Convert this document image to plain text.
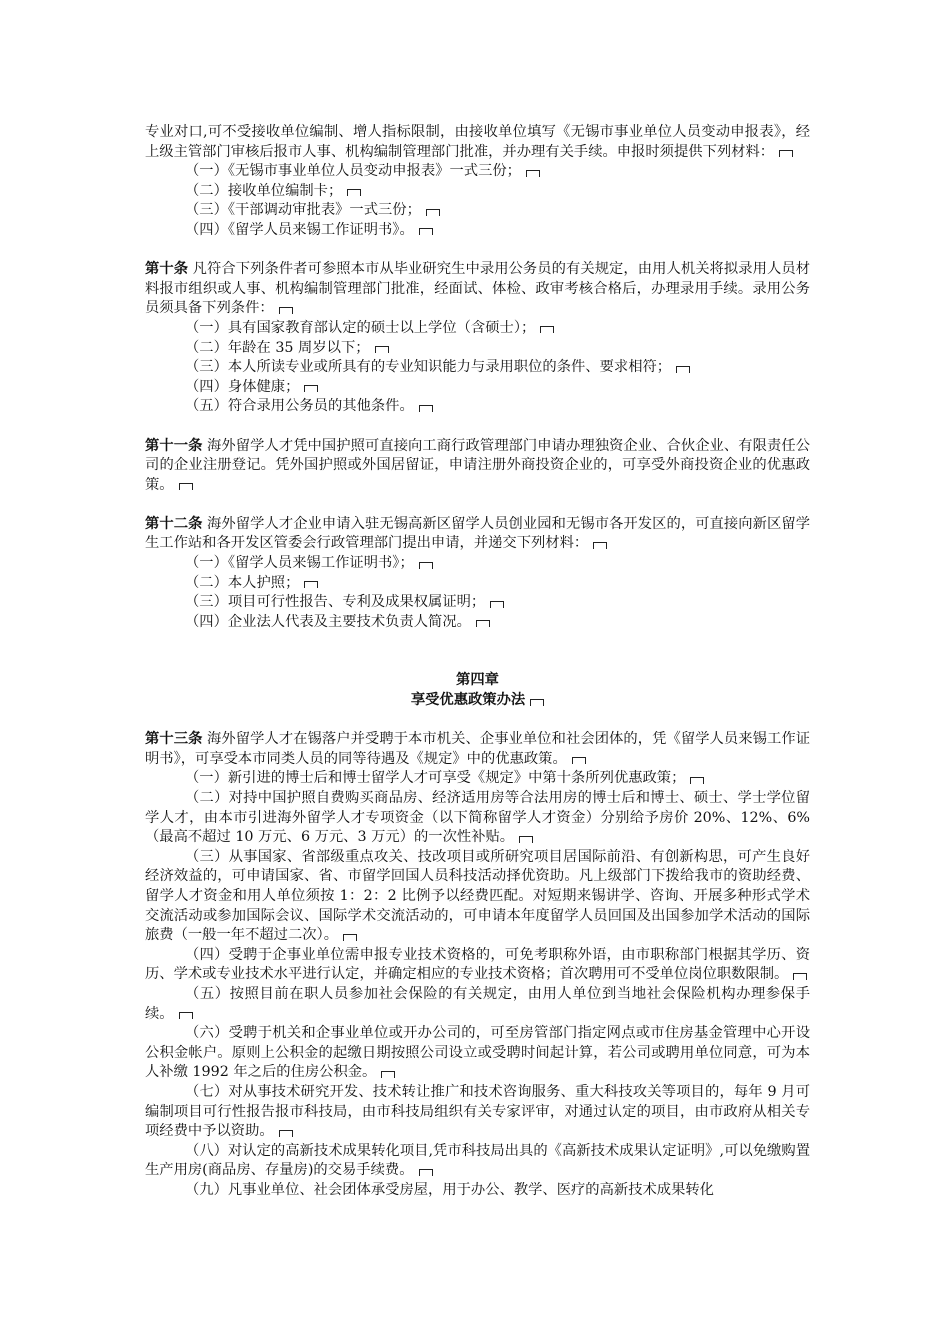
专业对口,可不受接收单位编制、增人指标限制，由接收单位填写《无锡市事业单位人员变动申报表》，经上级主管部门审核后报市人事、机构编制管理部门批准，并办理有关手续。申报时须提供下列材料：

（一）《无锡市事业单位人员变动申报表》一式三份；

（二）接收单位编制卡；

（三）《干部调动审批表》一式三份；

（四）《留学人员来锡工作证明书》。

第十条 凡符合下列条件者可参照本市从毕业研究生中录用公务员的有关规定，由用人机关将拟录用人员材料报市组织或人事、机构编制管理部门批准，经面试、体检、政审考核合格后，办理录用手续。录用公务员须具备下列条件：

（一）具有国家教育部认定的硕士以上学位（含硕士）；

（二）年龄在 35 周岁以下；

（三）本人所读专业或所具有的专业知识能力与录用职位的条件、要求相符；

（四）身体健康；

（五）符合录用公务员的其他条件。

第十一条 海外留学人才凭中国护照可直接向工商行政管理部门申请办理独资企业、合伙企业、有限责任公司的企业注册登记。凭外国护照或外国居留证，申请注册外商投资企业的，可享受外商投资企业的优惠政策。

第十二条 海外留学人才企业申请入驻无锡高新区留学人员创业园和无锡市各开发区的，可直接向新区留学生工作站和各开发区管委会行政管理部门提出申请，并递交下列材料：

（一）《留学人员来锡工作证明书》；

（二）本人护照；

（三）项目可行性报告、专利及成果权属证明；

（四）企业法人代表及主要技术负责人简况。

第四章

享受优惠政策办法

第十三条 海外留学人才在锡落户并受聘于本市机关、企事业单位和社会团体的，凭《留学人员来锡工作证明书》，可享受本市同类人员的同等待遇及《规定》中的优惠政策。

（一）新引进的博士后和博士留学人才可享受《规定》中第十条所列优惠政策；

（二）对持中国护照自费购买商品房、经济适用房等合法用房的博士后和博士、硕士、学士学位留学人才，由本市引进海外留学人才专项资金（以下简称留学人才资金）分别给予房价 20%、12%、6%（最高不超过 10 万元、6 万元、3 万元）的一次性补贴。

（三）从事国家、省部级重点攻关、技改项目或所研究项目居国际前沿、有创新构思，可产生良好经济效益的，可申请国家、省、市留学回国人员科技活动择优资助。凡上级部门下拨给我市的资助经费、留学人才资金和用人单位须按 1：2：2 比例予以经费匹配。对短期来锡讲学、咨询、开展多种形式学术交流活动或参加国际会议、国际学术交流活动的，可申请本年度留学人员回国及出国参加学术活动的国际旅费（一般一年不超过二次）。

（四）受聘于企事业单位需申报专业技术资格的，可免考职称外语，由市职称部门根据其学历、资历、学术或专业技术水平进行认定，并确定相应的专业技术资格；首次聘用可不受单位岗位职数限制。

（五）按照目前在职人员参加社会保险的有关规定，由用人单位到当地社会保险机构办理参保手续。

（六）受聘于机关和企事业单位或开办公司的，可至房管部门指定网点或市住房基金管理中心开设公积金帐户。原则上公积金的起缴日期按照公司设立或受聘时间起计算，若公司或聘用单位同意，可为本人补缴 1992 年之后的住房公积金。

（七）对从事技术研究开发、技术转让推广和技术咨询服务、重大科技攻关等项目的，每年 9 月可编制项目可行性报告报市科技局，由市科技局组织有关专家评审，对通过认定的项目，由市政府从相关专项经费中予以资助。

（八）对认定的高新技术成果转化项目,凭市科技局出具的《高新技术成果认定证明》,可以免缴购置生产用房(商品房、存量房)的交易手续费。

（九）凡事业单位、社会团体承受房屋，用于办公、教学、医疗的高新技术成果转化
